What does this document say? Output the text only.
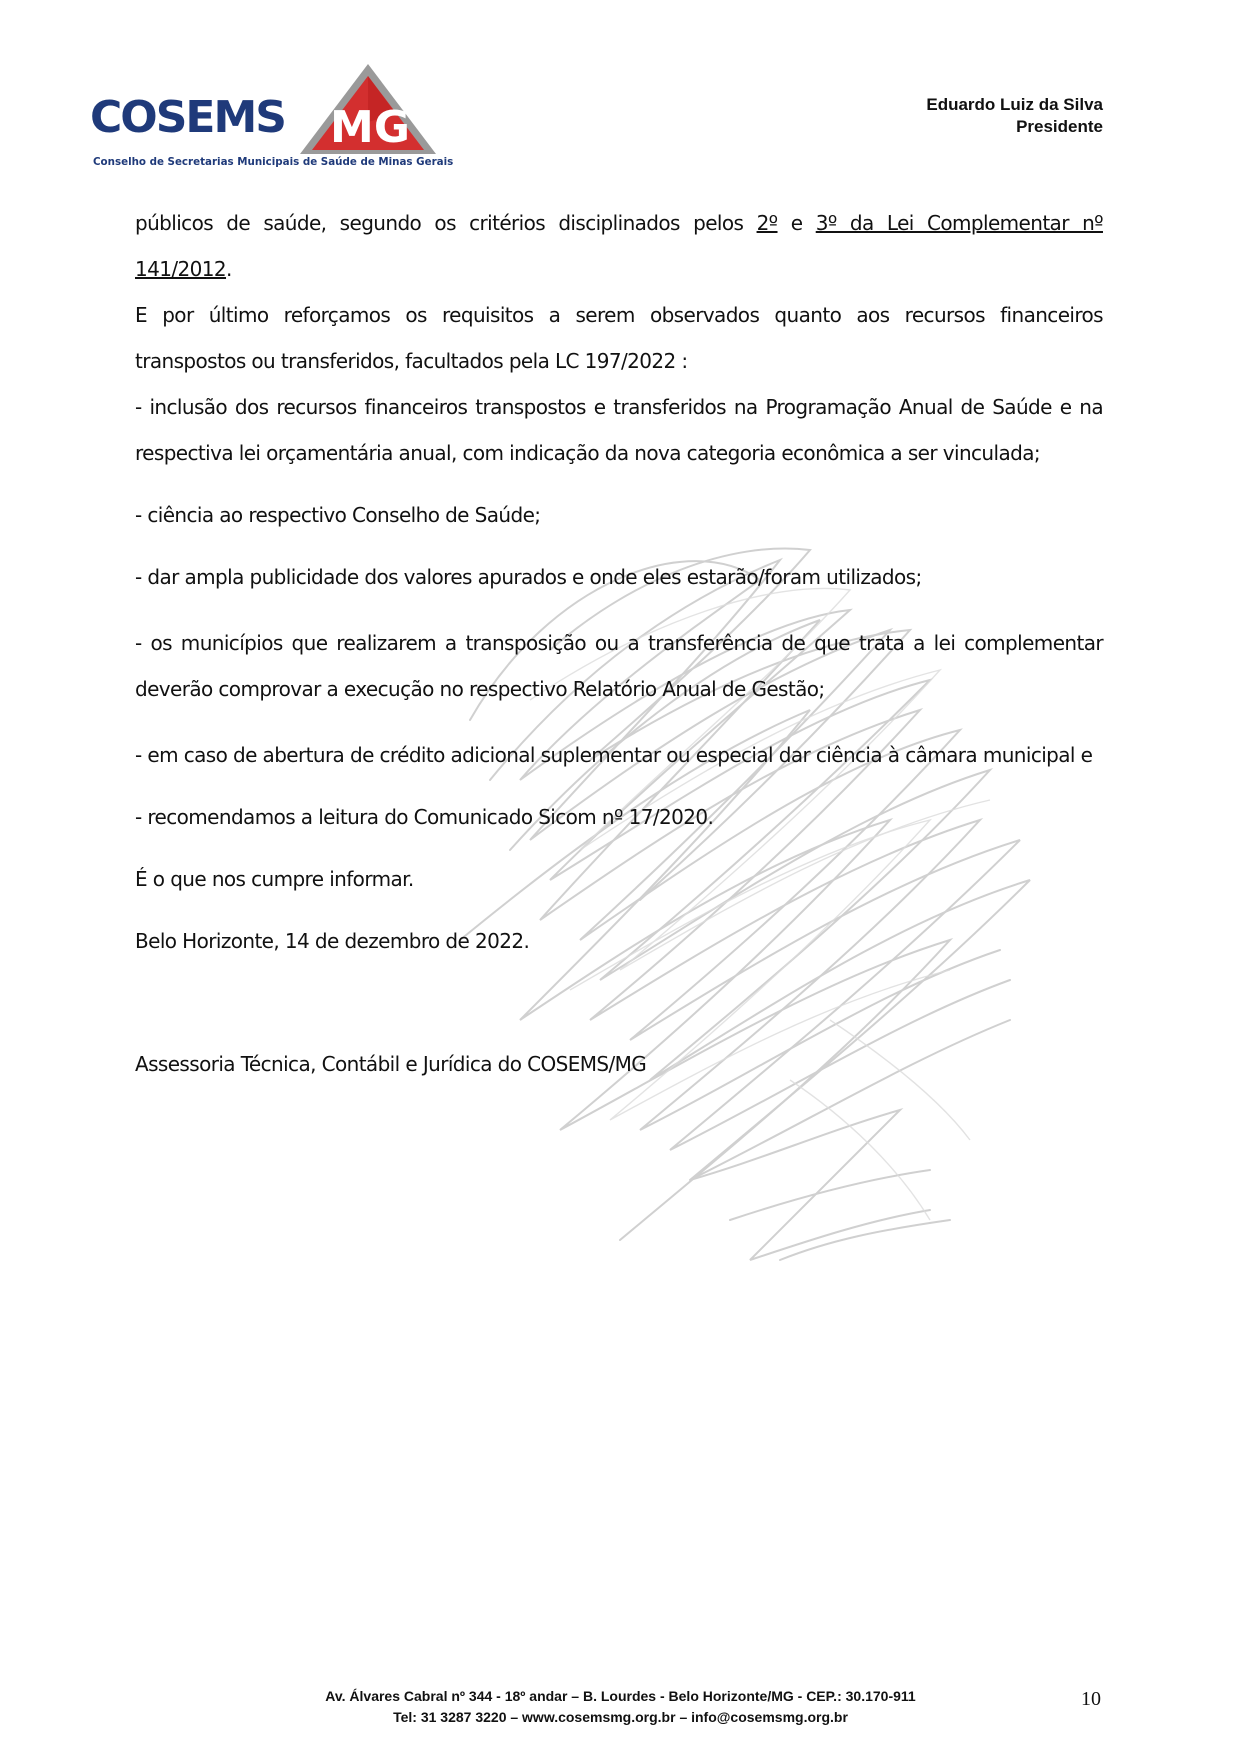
MG
COSEMS
Conselho de Secretarias Municipais de Saúde de Minas Gerais
Eduardo Luiz da Silva
Presidente

públicos de saúde, segundo os critérios disciplinados pelos 2º e 3º da Lei Complementar nº

141/2012.

E por último reforçamos os requisitos a serem observados quanto aos recursos financeiros transpostos ou transferidos, facultados pela LC 197/2022 :

- inclusão dos recursos financeiros transpostos e transferidos na Programação Anual de Saúde e na respectiva lei orçamentária anual, com indicação da nova categoria econômica a ser vinculada;

- ciência ao respectivo Conselho de Saúde;

- dar ampla publicidade dos valores apurados e onde eles estarão/foram utilizados;

- os municípios que realizarem a transposição ou a transferência de que trata a lei complementar deverão comprovar a execução no respectivo Relatório Anual de Gestão;

- em caso de abertura de crédito adicional suplementar ou especial dar ciência à câmara municipal e

- recomendamos a leitura do Comunicado Sicom nº 17/2020.

É o que nos cumpre informar.

Belo Horizonte, 14 de dezembro de 2022.

Assessoria Técnica, Contábil e Jurídica do COSEMS/MG

Av. Álvares Cabral nº 344 - 18º andar – B. Lourdes - Belo Horizonte/MG - CEP.: 30.170-911
Tel: 31 3287 3220 – www.cosemsmg.org.br – info@cosemsmg.org.br
10
